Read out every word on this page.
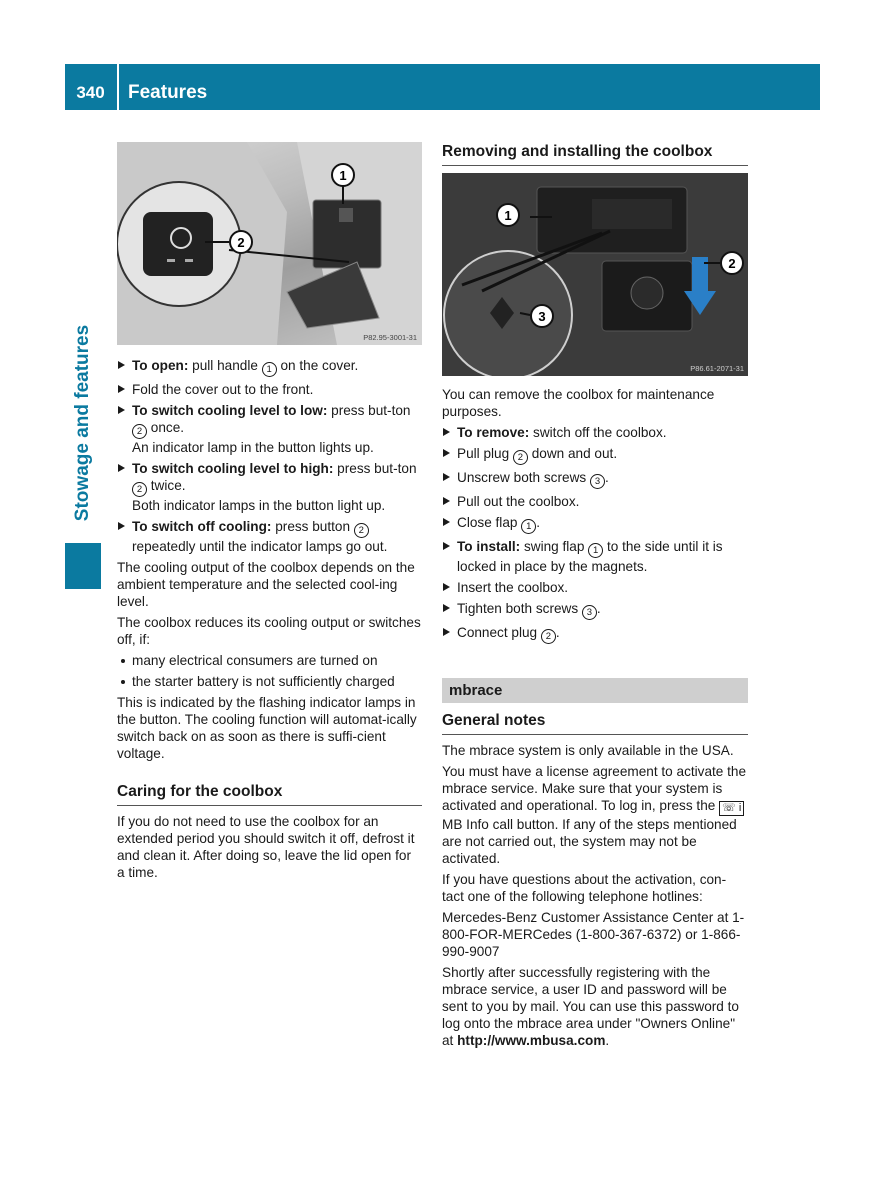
340	Features
Stowage and features
1
2
P82.95-3001-31
To open: pull handle 1 on the cover.
Fold the cover out to the front.
To switch cooling level to low: press but-ton 2 once.
An indicator lamp in the button lights up.
To switch cooling level to high: press but-ton 2 twice.
Both indicator lamps in the button light up.
To switch off cooling: press button 2 repeatedly until the indicator lamps go out.
The cooling output of the coolbox depends on the ambient temperature and the selected cool-ing level.
The coolbox reduces its cooling output or switches off, if:
many electrical consumers are turned on
the starter battery is not sufficiently charged
This is indicated by the flashing indicator lamps in the button. The cooling function will automat-ically switch back on as soon as there is suffi-cient voltage.
Caring for the coolbox
If you do not need to use the coolbox for an extended period you should switch it off, defrost it and clean it. After doing so, leave the lid open for a time.
Removing and installing the coolbox
1
2
3
P86.61-2071-31
You can remove the coolbox for maintenance purposes.
To remove: switch off the coolbox.
Pull plug 2 down and out.
Unscrew both screws 3 .
Pull out the coolbox.
Close flap 1 .
To install: swing flap 1 to the side until it is locked in place by the magnets.
Insert the coolbox.
Tighten both screws 3 .
Connect plug 2 .
mbrace
General notes
The mbrace system is only available in the USA.
You must have a license agreement to activate the mbrace service. Make sure that your system is activated and operational. To log in, press the ☏ i MB Info call button. If any of the steps mentioned are not carried out, the system may not be activated.
If you have questions about the activation, con-tact one of the following telephone hotlines:
Mercedes-Benz Customer Assistance Center at 1-800-FOR-MERCedes (1-800-367-6372) or 1-866-990-9007
Shortly after successfully registering with the mbrace service, a user ID and password will be sent to you by mail. You can use this password to log onto the mbrace area under "Owners Online" at http://www.mbusa.com.
